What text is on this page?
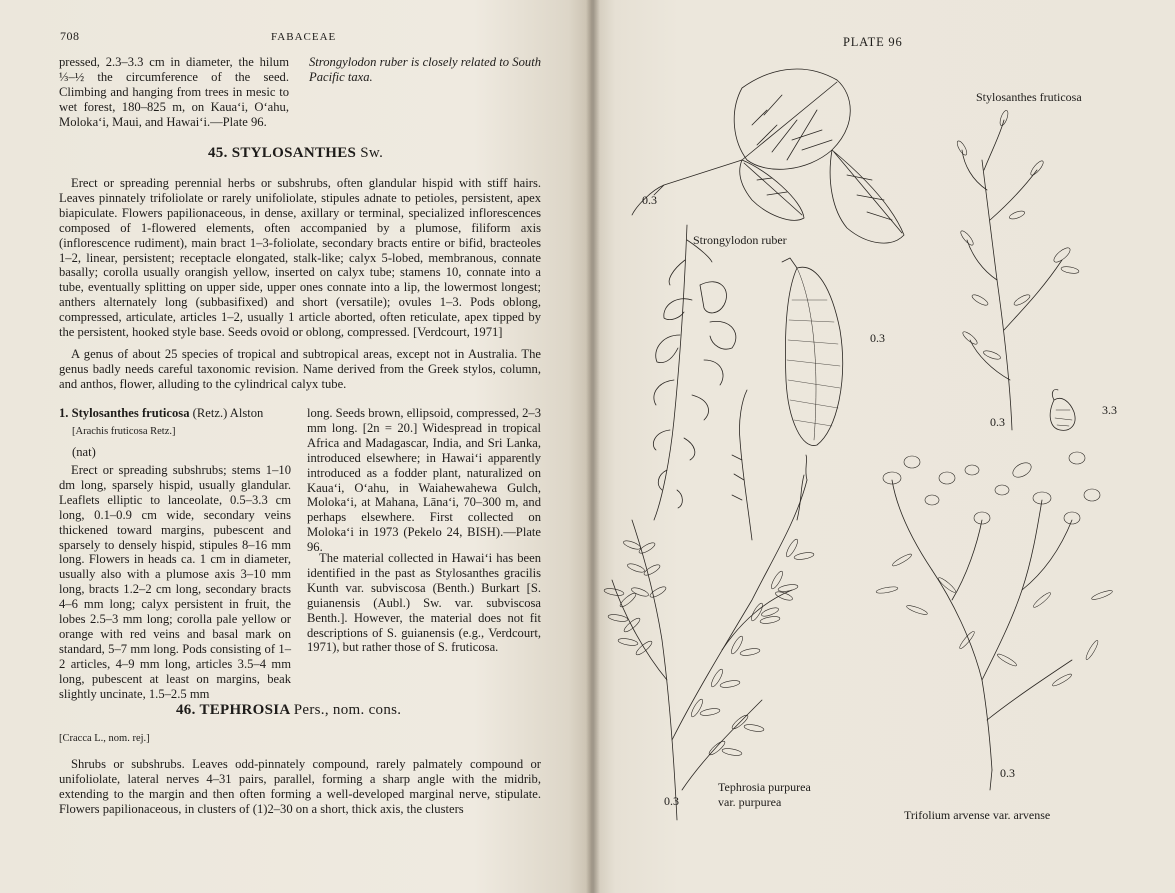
708	FABACEAE
pressed, 2.3–3.3 cm in diameter, the hilum ⅓–½ the circumference of the seed. Climbing and hanging from trees in mesic to wet forest, 180–825 m, on Kaua‘i, O‘ahu, Moloka‘i, Maui, and Hawai‘i.—Plate 96.
Strongylodon ruber is closely related to South Pacific taxa.
45. STYLOSANTHES Sw.

Erect or spreading perennial herbs or subshrubs, often glandular hispid with stiff hairs. Leaves pinnately trifoliolate or rarely unifoliolate, stipules adnate to petioles, persistent, apex biapiculate. Flowers papilionaceous, in dense, axillary or terminal, specialized inflorescences composed of 1-flowered elements, often accompanied by a plumose, filiform axis (inflorescence rudiment), main bract 1–3-foliolate, secondary bracts entire or bifid, bracteoles 1–2, linear, persistent; receptacle elongated, stalk-like; calyx 5-lobed, membranous, connate basally; corolla usually orangish yellow, inserted on calyx tube; stamens 10, connate into a tube, eventually splitting on upper side, upper ones connate into a lip, the lowermost longest; anthers alternately long (subbasifixed) and short (versatile); ovules 1–3. Pods oblong, compressed, articulate, articles 1–2, usually 1 article aborted, often reticulate, apex tipped by the persistent, hooked style base. Seeds ovoid or oblong, compressed. [Verdcourt, 1971]

A genus of about 25 species of tropical and subtropical areas, except not in Australia. The genus badly needs careful taxonomic revision. Name derived from the Greek stylos, column, and anthos, flower, alluding to the cylindrical calyx tube.

1. Stylosanthes fruticosa (Retz.) Alston
[Arachis fruticosa Retz.]
(nat)

Erect or spreading subshrubs; stems 1–10 dm long, sparsely hispid, usually glandular. Leaflets elliptic to lanceolate, 0.5–3.3 cm long, 0.1–0.9 cm wide, secondary veins thickened toward margins, pubescent and sparsely to densely hispid, stipules 8–16 mm long. Flowers in heads ca. 1 cm in diameter, usually also with a plumose axis 3–10 mm long, bracts 1.2–2 cm long, secondary bracts 4–6 mm long; calyx persistent in fruit, the lobes 2.5–3 mm long; corolla pale yellow or orange with red veins and basal mark on standard, 5–7 mm long. Pods consisting of 1–2 articles, 4–9 mm long, articles 3.5–4 mm long, pubescent at least on margins, beak slightly uncinate, 1.5–2.5 mm

long. Seeds brown, ellipsoid, compressed, 2–3 mm long. [2n = 20.] Widespread in tropical Africa and Madagascar, India, and Sri Lanka, introduced elsewhere; in Hawai‘i apparently introduced as a fodder plant, naturalized on Kaua‘i, O‘ahu, in Waiahewahewa Gulch, Moloka‘i, at Mahana, Lāna‘i, 70–300 m, and perhaps elsewhere. First collected on Moloka‘i in 1973 (Pekelo 24, BISH).—Plate 96.

The material collected in Hawai‘i has been identified in the past as Stylosanthes gracilis Kunth var. subviscosa (Benth.) Burkart [S. guianensis (Aubl.) Sw. var. subviscosa Benth.]. However, the material does not fit descriptions of S. guianensis (e.g., Verdcourt, 1971), but rather those of S. fruticosa.

46. TEPHROSIA Pers., nom. cons.
[Cracca L., nom. rej.]

Shrubs or subshrubs. Leaves odd-pinnately compound, rarely palmately compound or unifoliolate, lateral nerves 4–31 pairs, parallel, forming a sharp angle with the midrib, extending to the margin and then often forming a well-developed marginal nerve, stipulate. Flowers papilionaceous, in clusters of (1)2–30 on a short, thick axis, the clusters

PLATE 96
Stylosanthes fruticosa
Strongylodon ruber
Tephrosia purpurea
var. purpurea
Trifolium arvense var. arvense
0.3
0.3
0.3
3.3
0.3
0.3
